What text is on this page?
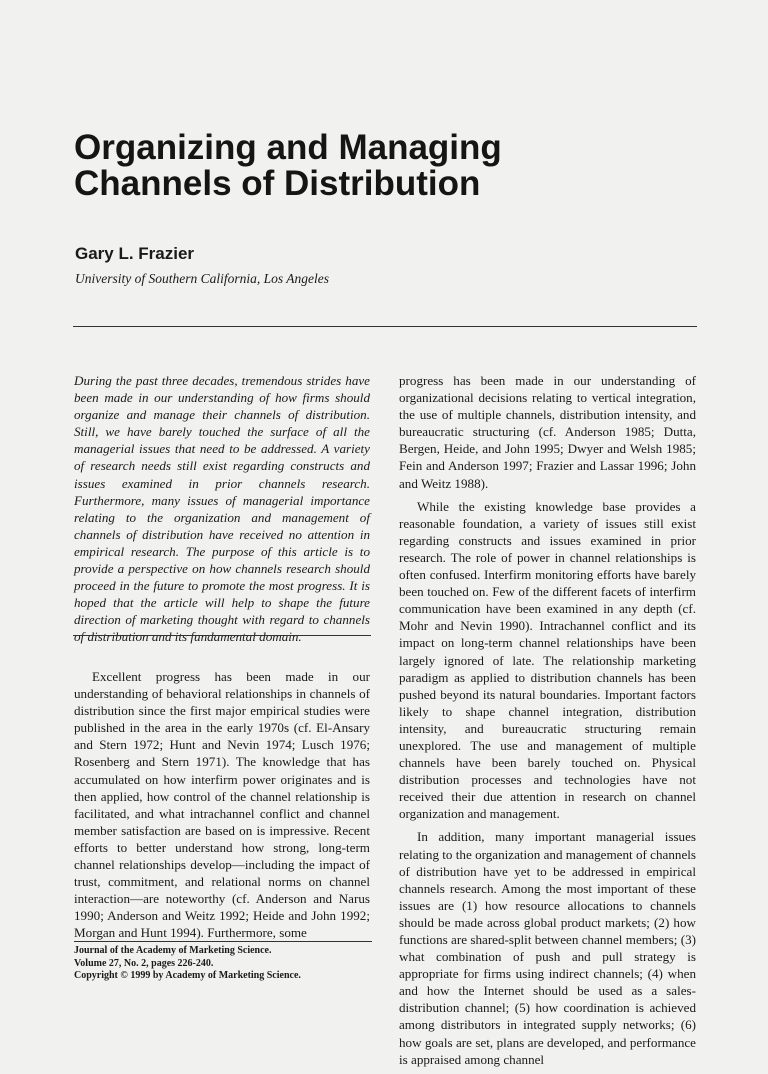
Organizing and Managing
Channels of Distribution
Gary L. Frazier
University of Southern California, Los Angeles

During the past three decades, tremendous strides have been made in our understanding of how firms should organize and manage their channels of distribution. Still, we have barely touched the surface of all the managerial issues that need to be addressed. A variety of research needs still exist regarding constructs and issues examined in prior channels research. Furthermore, many issues of managerial importance relating to the organization and management of channels of distribution have received no attention in empirical research. The purpose of this article is to provide a perspective on how channels research should proceed in the future to promote the most progress. It is hoped that the article will help to shape the future direction of marketing thought with regard to channels of distribution and its fundamental domain.

Excellent progress has been made in our understanding of behavioral relationships in channels of distribution since the first major empirical studies were published in the area in the early 1970s (cf. El-Ansary and Stern 1972; Hunt and Nevin 1974; Lusch 1976; Rosenberg and Stern 1971). The knowledge that has accumulated on how interfirm power originates and is then applied, how control of the channel relationship is facilitated, and what intrachannel conflict and channel member satisfaction are based on is impressive. Recent efforts to better understand how strong, long-term channel relationships develop—including the impact of trust, commitment, and relational norms on channel interaction—are noteworthy (cf. Anderson and Narus 1990; Anderson and Weitz 1992; Heide and John 1992; Morgan and Hunt 1994). Furthermore, some

progress has been made in our understanding of organizational decisions relating to vertical integration, the use of multiple channels, distribution intensity, and bureaucratic structuring (cf. Anderson 1985; Dutta, Bergen, Heide, and John 1995; Dwyer and Welsh 1985; Fein and Anderson 1997; Frazier and Lassar 1996; John and Weitz 1988).

While the existing knowledge base provides a reasonable foundation, a variety of issues still exist regarding constructs and issues examined in prior research. The role of power in channel relationships is often confused. Interfirm monitoring efforts have barely been touched on. Few of the different facets of interfirm communication have been examined in any depth (cf. Mohr and Nevin 1990). Intrachannel conflict and its impact on long-term channel relationships have been largely ignored of late. The relationship marketing paradigm as applied to distribution channels has been pushed beyond its natural boundaries. Important factors likely to shape channel integration, distribution intensity, and bureaucratic structuring remain unexplored. The use and management of multiple channels have been barely touched on. Physical distribution processes and technologies have not received their due attention in research on channel organization and management.

In addition, many important managerial issues relating to the organization and management of channels of distribution have yet to be addressed in empirical channels research. Among the most important of these issues are (1) how resource allocations to channels should be made across global product markets; (2) how functions are shared-split between channel members; (3) what combination of push and pull strategy is appropriate for firms using indirect channels; (4) when and how the Internet should be used as a sales-distribution channel; (5) how coordination is achieved among distributors in integrated supply networks; (6) how goals are set, plans are developed, and performance is appraised among channel

Journal of the Academy of Marketing Science.
Volume 27, No. 2, pages 226-240.
Copyright © 1999 by Academy of Marketing Science.
